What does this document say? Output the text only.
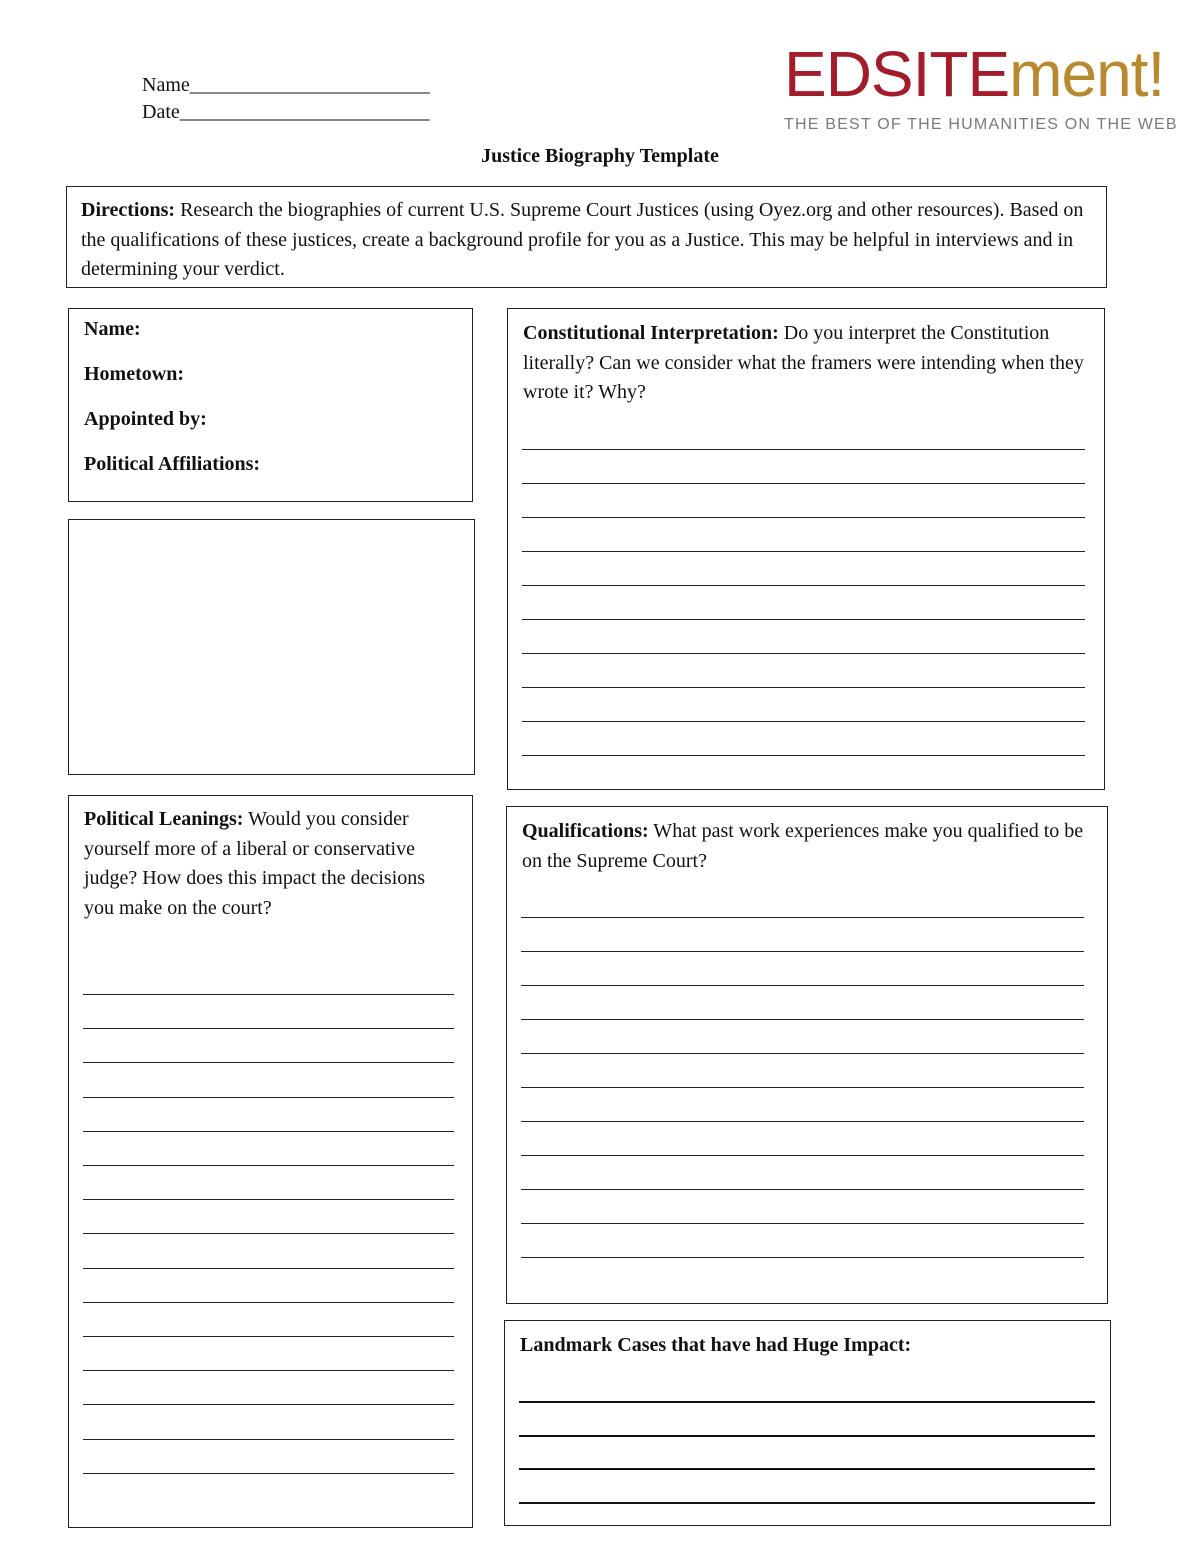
Name________________________
Date_________________________
EDSITEment!
THE BEST OF THE HUMANITIES ON THE WEB
Justice Biography Template
Directions: Research the biographies of current U.S. Supreme Court Justices (using Oyez.org and other resources). Based on the qualifications of these justices, create a background profile for you as a Justice. This may be helpful in interviews and in determining your verdict.
Name:
Hometown:
Appointed by:
Political Affiliations:
Constitutional Interpretation: Do you interpret the Constitution literally? Can we consider what the framers were intending when they wrote it? Why?
Political Leanings: Would you consider yourself more of a liberal or conservative judge? How does this impact the decisions you make on the court?
Qualifications: What past work experiences make you qualified to be on the Supreme Court?
Landmark Cases that have had Huge Impact:
